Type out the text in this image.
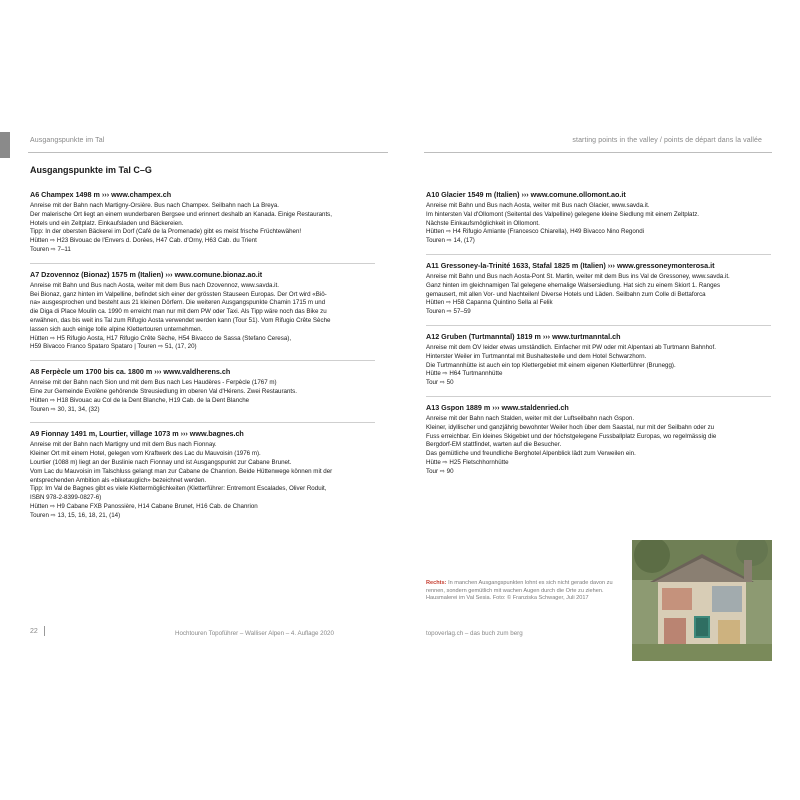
Ausgangspunkte im Tal	starting points in the valley / points de départ dans la vallée
Ausgangspunkte im Tal C–G
A6 Champex 1498 m ››› www.champex.ch
Anreise mit der Bahn nach Martigny-Orsière. Bus nach Champex. Seilbahn nach La Breya.
Der malerische Ort liegt an einem wunderbaren Bergsee und erinnert deshalb an Kanada. Einige Restaurants,
Hotels und ein Zeltplatz. Einkaufsladen und Bäckereien.
Tipp: In der obersten Bäckerei im Dorf (Café de la Promenade) gibt es meist frische Früchtewähen!
Hütten ⇨ H23 Bivouac de l'Envers d. Dorées, H47 Cab. d'Orny, H63 Cab. du Trient
Touren ⇨ 7–11
A7 Dzovennoz (Bionaz) 1575 m (Italien) ››› www.comune.bionaz.ao.it
Anreise mit Bahn und Bus nach Aosta, weiter mit dem Bus nach Dzovennoz, www.savda.it.
Bei Bionaz, ganz hinten im Valpelline, befindet sich einer der grössten Stauseen Europas. Der Ort wird «Biö-
na» ausgesprochen und besteht aus 21 kleinen Dörfern. Die weiteren Ausgangspunkte Chamin 1715 m und
die Diga di Place Moulin ca. 1990 m erreicht man nur mit dem PW oder Taxi. Als Tipp wäre noch das Bike zu
erwähnen, das bis weit ins Tal zum Rifugio Aosta verwendet werden kann (Tour 51). Vom Rifugio Crête Sèche
lassen sich auch einige tolle alpine Klettertouren unternehmen.
Hütten ⇨ H5 Rifugio Aosta, H17 Rifugio Crête Sèche, H54 Bivacco de Sassa (Stefano Ceresa),
H59 Bivacco Franco Spataro Spataro | Touren ⇨ 51, (17, 20)
A8 Ferpècle um 1700 bis ca. 1800 m ››› www.valdherens.ch
Anreise mit der Bahn nach Sion und mit dem Bus nach Les Haudères - Ferpècle (1767 m)
Eine zur Gemeinde Evolène gehörende Streusiedlung im oberen Val d'Hérens. Zwei Restaurants.
Hütten ⇨ H18 Bivouac au Col de la Dent Blanche, H19 Cab. de la Dent Blanche
Touren ⇨ 30, 31, 34, (32)
A9 Fionnay 1491 m, Lourtier, village 1073 m ››› www.bagnes.ch
Anreise mit der Bahn nach Martigny und mit dem Bus nach Fionnay.
Kleiner Ort mit einem Hotel, gelegen vom Kraftwerk des Lac du Mauvoisin (1976 m).
Lourtier (1088 m) liegt an der Buslinie nach Fionnay und ist Ausgangspunkt zur Cabane Brunet.
Vom Lac du Mauvoisin im Talschluss gelangt man zur Cabane de Chanrion. Beide Hüttenwege können mit der
entsprechenden Ambition als «biketauglich» bezeichnet werden.
Tipp: Im Val de Bagnes gibt es viele Klettermöglichkeiten (Kletterführer: Entremont Escalades, Oliver Roduit,
ISBN 978-2-8399-0827-6)
Hütten ⇨ H9 Cabane FXB Panossière, H14 Cabane Brunet, H16 Cab. de Chanrion
Touren ⇨ 13, 15, 16, 18, 21, (14)
A10 Glacier 1549 m (Italien) ››› www.comune.ollomont.ao.it
Anreise mit Bahn und Bus nach Aosta, weiter mit Bus nach Glacier, www.savda.it.
Im hintersten Val d'Ollomont (Seitental des Valpelline) gelegene kleine Siedlung mit einem Zeltplatz.
Nächste Einkaufsmöglichkeit in Ollomont.
Hütten ⇨ H4 Rifugio Amiante (Francesco Chiarella), H49 Bivacco Nino Regondi
Touren ⇨ 14, (17)
A11 Gressoney-la-Trinité 1633, Stafal 1825 m (Italien) ››› www.gressoneymonterosa.it
Anreise mit Bahn und Bus nach Aosta-Pont St. Martin, weiter mit dem Bus ins Val de Gressoney, www.savda.it.
Ganz hinten im gleichnamigen Tal gelegene ehemalige Walsersiedlung. Hat sich zu einem Skiort 1. Ranges
gemausert, mit allen Vor- und Nachteilen! Diverse Hotels und Läden. Seilbahn zum Colle di Bettaforca
Hütten ⇨ H58 Capanna Quintino Sella al Felik
Touren ⇨ 57–59
A12 Gruben (Turtmanntal) 1819 m ››› www.turtmanntal.ch
Anreise mit dem ÖV leider etwas umständlich. Einfacher mit PW oder mit Alpentaxi ab Turtmann Bahnhof.
Hinterster Weiler im Turtmanntal mit Bushaltestelle und dem Hotel Schwarzhorn.
Die Turtmannhütte ist auch ein top Klettergebiet mit einem eigenen Kletterführer (Brunegg).
Hütte ⇨ H64 Turtmannhütte
Tour ⇨ 50
A13 Gspon 1889 m ››› www.staldenried.ch
Anreise mit der Bahn nach Stalden, weiter mit der Luftseilbahn nach Gspon.
Kleiner, idyllischer und ganzjährig bewohnter Weiler hoch über dem Saastal, nur mit der Seilbahn oder zu
Fuss erreichbar. Ein kleines Skigebiet und der höchstgelegene Fussballplatz Europas, wo regelmässig die
Bergdorf-EM stattfindet, warten auf die Besucher.
Das gemütliche und freundliche Berghotel Alpenblick lädt zum Verweilen ein.
Hütte ⇨ H25 Fletschhornhütte
Tour ⇨ 90
Rechts: In manchen Ausgangspunkten lohnt es sich nicht gerade davon zu rennen, sondern gemütlich mit wachen Augen durch die Orte zu ziehen. Hausmalerei im Val Sesia. Foto: © Franziska Schwager, Juli 2017
22	Hochtouren Topoführer – Walliser Alpen – 4. Auflage 2020	topoverlag.ch – das buch zum berg
